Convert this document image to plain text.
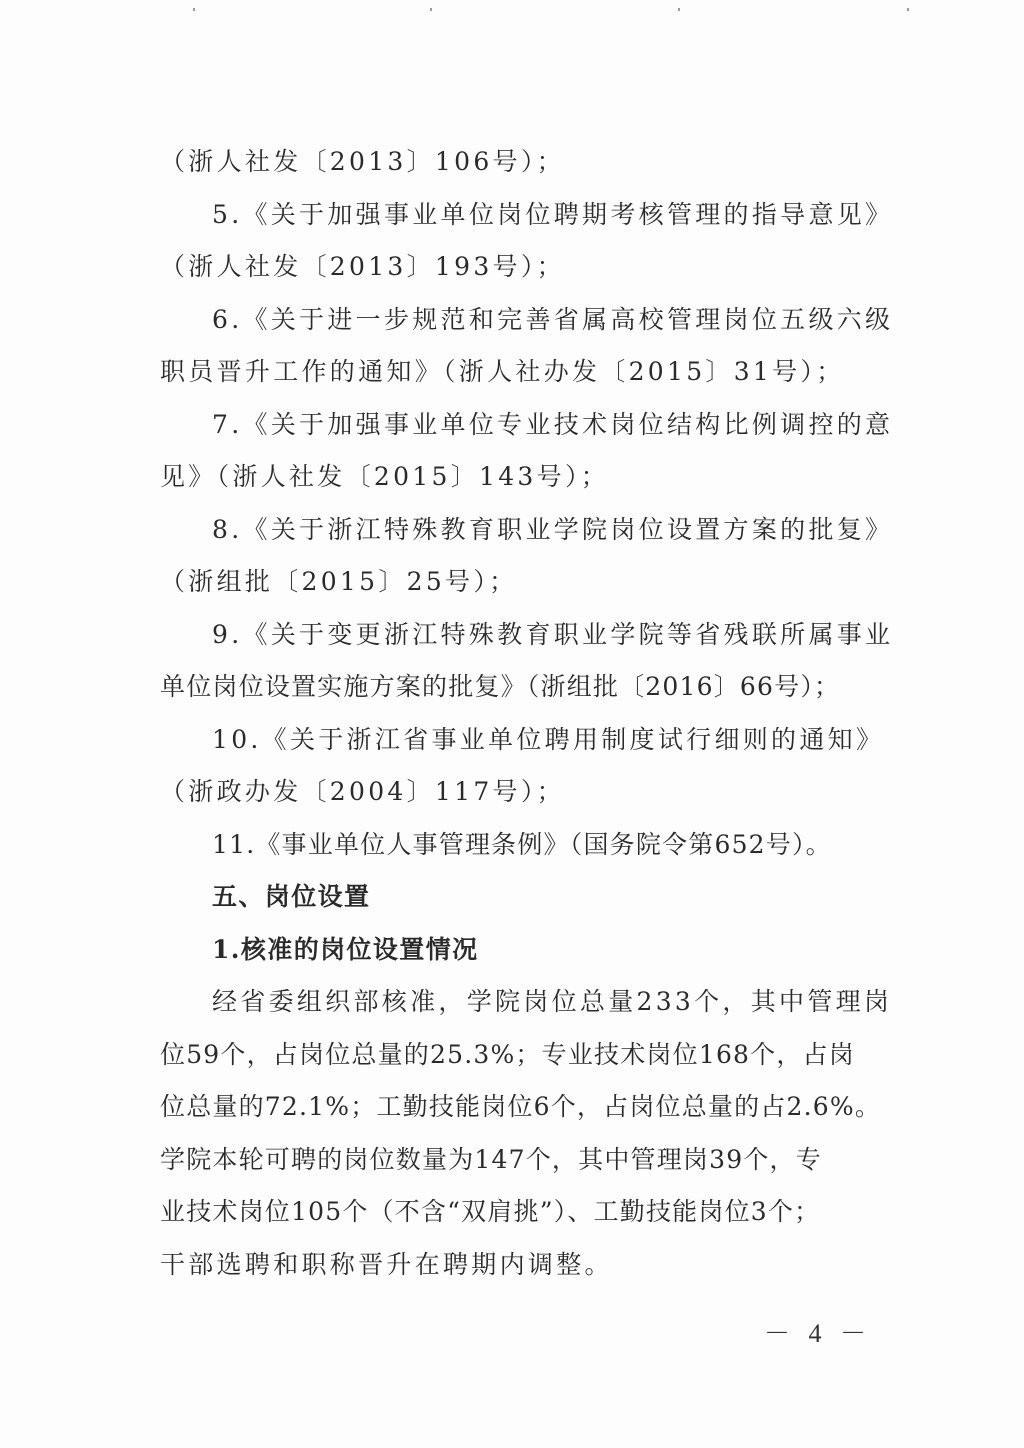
（浙人社发〔2013〕106号）；
5.《关于加强事业单位岗位聘期考核管理的指导意见》
（浙人社发〔2013〕193号）；
6.《关于进一步规范和完善省属高校管理岗位五级六级
职员晋升工作的通知》（浙人社办发〔2015〕31号）；
7.《关于加强事业单位专业技术岗位结构比例调控的意
见》（浙人社发〔2015〕143号）；
8.《关于浙江特殊教育职业学院岗位设置方案的批复》
（浙组批〔2015〕25号）；
9.《关于变更浙江特殊教育职业学院等省残联所属事业
单位岗位设置实施方案的批复》（浙组批〔2016〕66号）；
10.《关于浙江省事业单位聘用制度试行细则的通知》
（浙政办发〔2004〕117号）；
11.《事业单位人事管理条例》（国务院令第652号）。
五、岗位设置
1.核准的岗位设置情况
经省委组织部核准，学院岗位总量233个，其中管理岗
位59个，占岗位总量的25.3%；专业技术岗位168个，占岗
位总量的72.1%；工勤技能岗位6个，占岗位总量的占2.6%。
学院本轮可聘的岗位数量为147个，其中管理岗39个，专
业技术岗位105个（不含“双肩挑”）、工勤技能岗位3个；
干部选聘和职称晋升在聘期内调整。
－ 4 －
